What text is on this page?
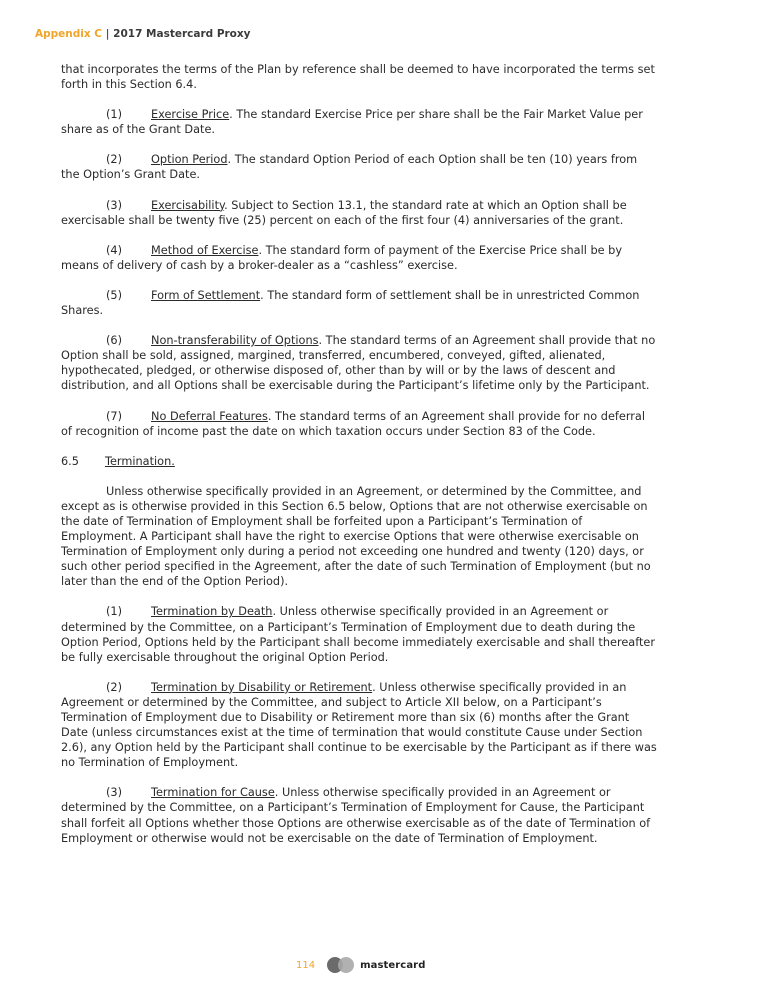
Appendix C | 2017 Mastercard Proxy

that incorporates the terms of the Plan by reference shall be deemed to have incorporated the terms set forth in this Section 6.4.

(1)	Exercise Price. The standard Exercise Price per share shall be the Fair Market Value per share as of the Grant Date.

(2)	Option Period. The standard Option Period of each Option shall be ten (10) years from the Option’s Grant Date.

(3)	Exercisability. Subject to Section 13.1, the standard rate at which an Option shall be exercisable shall be twenty five (25) percent on each of the first four (4) anniversaries of the grant.

(4)	Method of Exercise. The standard form of payment of the Exercise Price shall be by means of delivery of cash by a broker-dealer as a “cashless” exercise.

(5)	Form of Settlement. The standard form of settlement shall be in unrestricted Common Shares.

(6)	Non-transferability of Options. The standard terms of an Agreement shall provide that no Option shall be sold, assigned, margined, transferred, encumbered, conveyed, gifted, alienated, hypothecated, pledged, or otherwise disposed of, other than by will or by the laws of descent and distribution, and all Options shall be exercisable during the Participant’s lifetime only by the Participant.

(7)	No Deferral Features. The standard terms of an Agreement shall provide for no deferral of recognition of income past the date on which taxation occurs under Section 83 of the Code.

6.5 Termination.

Unless otherwise specifically provided in an Agreement, or determined by the Committee, and except as is otherwise provided in this Section 6.5 below, Options that are not otherwise exercisable on the date of Termination of Employment shall be forfeited upon a Participant’s Termination of Employment. A Participant shall have the right to exercise Options that were otherwise exercisable on Termination of Employment only during a period not exceeding one hundred and twenty (120) days, or such other period specified in the Agreement, after the date of such Termination of Employment (but no later than the end of the Option Period).

(1)	Termination by Death. Unless otherwise specifically provided in an Agreement or determined by the Committee, on a Participant’s Termination of Employment due to death during the Option Period, Options held by the Participant shall become immediately exercisable and shall thereafter be fully exercisable throughout the original Option Period.

(2)	Termination by Disability or Retirement. Unless otherwise specifically provided in an Agreement or determined by the Committee, and subject to Article XII below, on a Participant’s Termination of Employment due to Disability or Retirement more than six (6) months after the Grant Date (unless circumstances exist at the time of termination that would constitute Cause under Section 2.6), any Option held by the Participant shall continue to be exercisable by the Participant as if there was no Termination of Employment.

(3)	Termination for Cause. Unless otherwise specifically provided in an Agreement or determined by the Committee, on a Participant’s Termination of Employment for Cause, the Participant shall forfeit all Options whether those Options are otherwise exercisable as of the date of Termination of Employment or otherwise would not be exercisable on the date of Termination of Employment.

114	mastercard
